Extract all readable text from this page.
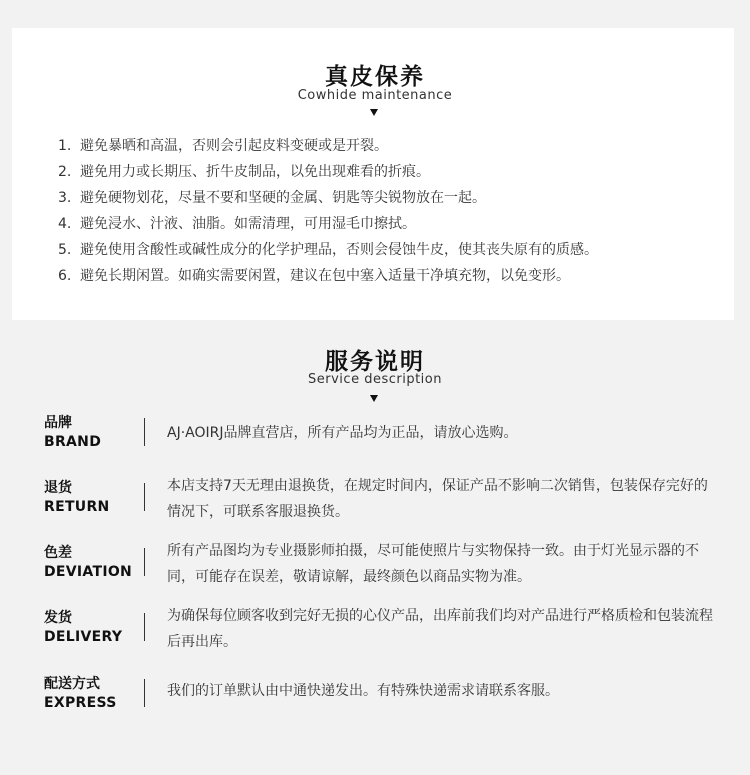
真皮保养
Cowhide maintenance
1. 避免暴晒和高温，否则会引起皮料变硬或是开裂。
2. 避免用力或长期压、折牛皮制品，以免出现难看的折痕。
3. 避免硬物划花，尽量不要和坚硬的金属、钥匙等尖锐物放在一起。
4. 避免浸水、汁液、油脂。如需清理，可用湿毛巾擦拭。
5. 避免使用含酸性或碱性成分的化学护理品，否则会侵蚀牛皮，使其丧失原有的质感。
6. 避免长期闲置。如确实需要闲置，建议在包中塞入适量干净填充物，以免变形。
服务说明
Service description
品牌
BRAND
AJ·AOIRJ品牌直营店，所有产品均为正品，请放心选购。
退货
RETURN
本店支持7天无理由退换货，在规定时间内，保证产品不影响二次销售，包装保存完好的情况下，可联系客服退换货。
色差
DEVIATION
所有产品图均为专业摄影师拍摄，尽可能使照片与实物保持一致。由于灯光显示器的不同，可能存在误差，敬请谅解，最终颜色以商品实物为准。
发货
DELIVERY
为确保每位顾客收到完好无损的心仪产品，出库前我们均对产品进行严格质检和包装流程后再出库。
配送方式
EXPRESS
我们的订单默认由中通快递发出。有特殊快递需求请联系客服。
